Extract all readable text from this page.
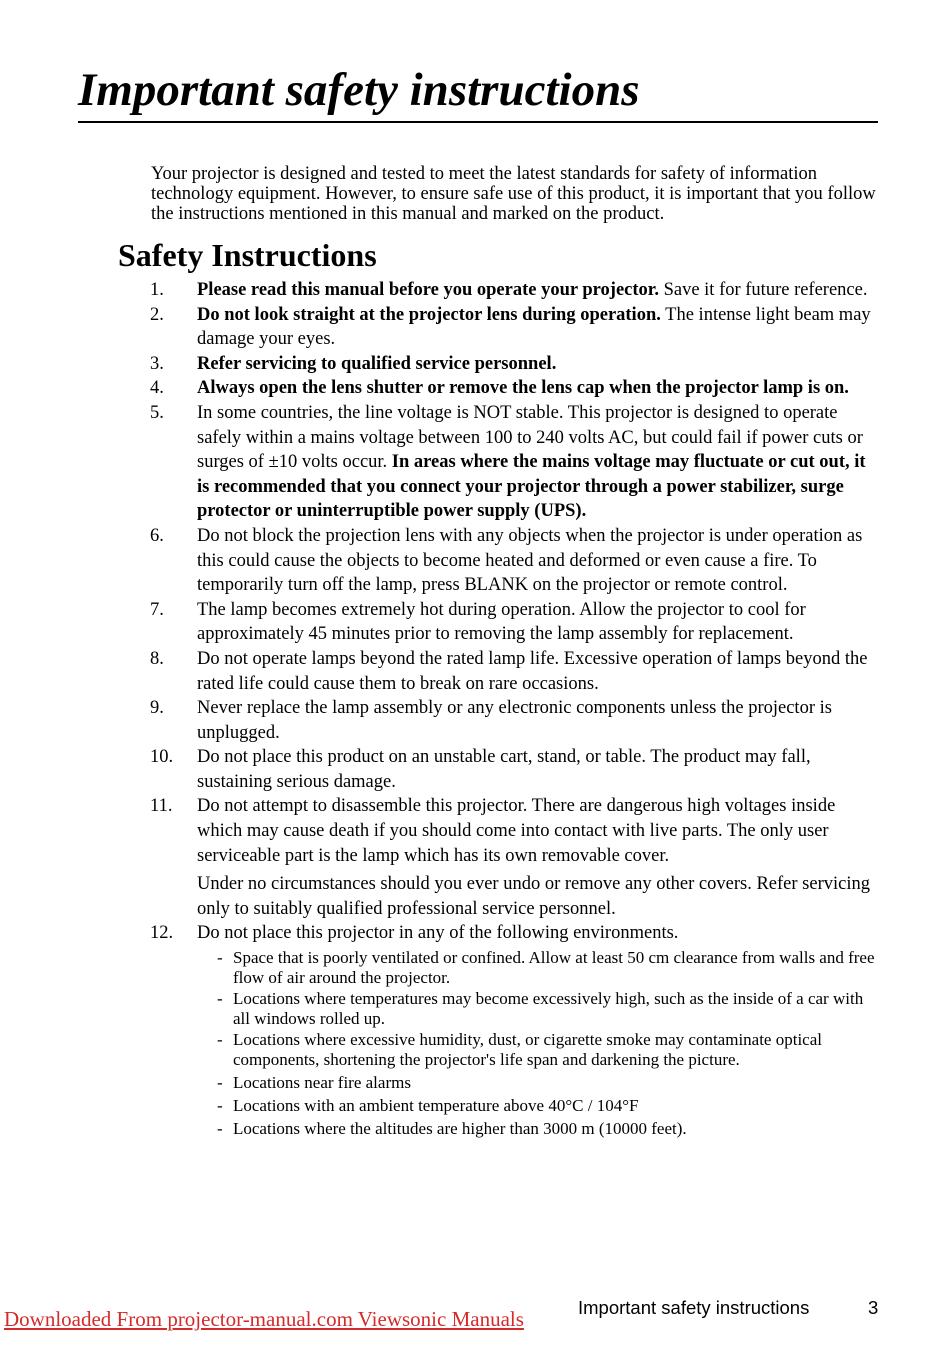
Important safety instructions

Your projector is designed and tested to meet the latest standards for safety of information technology equipment. However, to ensure safe use of this product, it is important that you follow the instructions mentioned in this manual and marked on the product.

Safety Instructions
1. Please read this manual before you operate your projector. Save it for future reference.
2. Do not look straight at the projector lens during operation. The intense light beam may damage your eyes.
3. Refer servicing to qualified service personnel.
4. Always open the lens shutter or remove the lens cap when the projector lamp is on.
5. In some countries, the line voltage is NOT stable. This projector is designed to operate safely within a mains voltage between 100 to 240 volts AC, but could fail if power cuts or surges of ±10 volts occur. In areas where the mains voltage may fluctuate or cut out, it is recommended that you connect your projector through a power stabilizer, surge protector or uninterruptible power supply (UPS).
6. Do not block the projection lens with any objects when the projector is under operation as this could cause the objects to become heated and deformed or even cause a fire. To temporarily turn off the lamp, press BLANK on the projector or remote control.
7. The lamp becomes extremely hot during operation. Allow the projector to cool for approximately 45 minutes prior to removing the lamp assembly for replacement.
8. Do not operate lamps beyond the rated lamp life. Excessive operation of lamps beyond the rated life could cause them to break on rare occasions.
9. Never replace the lamp assembly or any electronic components unless the projector is unplugged.
10. Do not place this product on an unstable cart, stand, or table. The product may fall, sustaining serious damage.
11. Do not attempt to disassemble this projector. There are dangerous high voltages inside which may cause death if you should come into contact with live parts. The only user serviceable part is the lamp which has its own removable cover.
Under no circumstances should you ever undo or remove any other covers. Refer servicing only to suitably qualified professional service personnel.
12. Do not place this projector in any of the following environments.
- Space that is poorly ventilated or confined. Allow at least 50 cm clearance from walls and free flow of air around the projector.
- Locations where temperatures may become excessively high, such as the inside of a car with all windows rolled up.
- Locations where excessive humidity, dust, or cigarette smoke may contaminate optical components, shortening the projector's life span and darkening the picture.
- Locations near fire alarms
- Locations with an ambient temperature above 40°C / 104°F
- Locations where the altitudes are higher than 3000 m (10000 feet).
Downloaded From projector-manual.com Viewsonic Manuals	Important safety instructions	3
